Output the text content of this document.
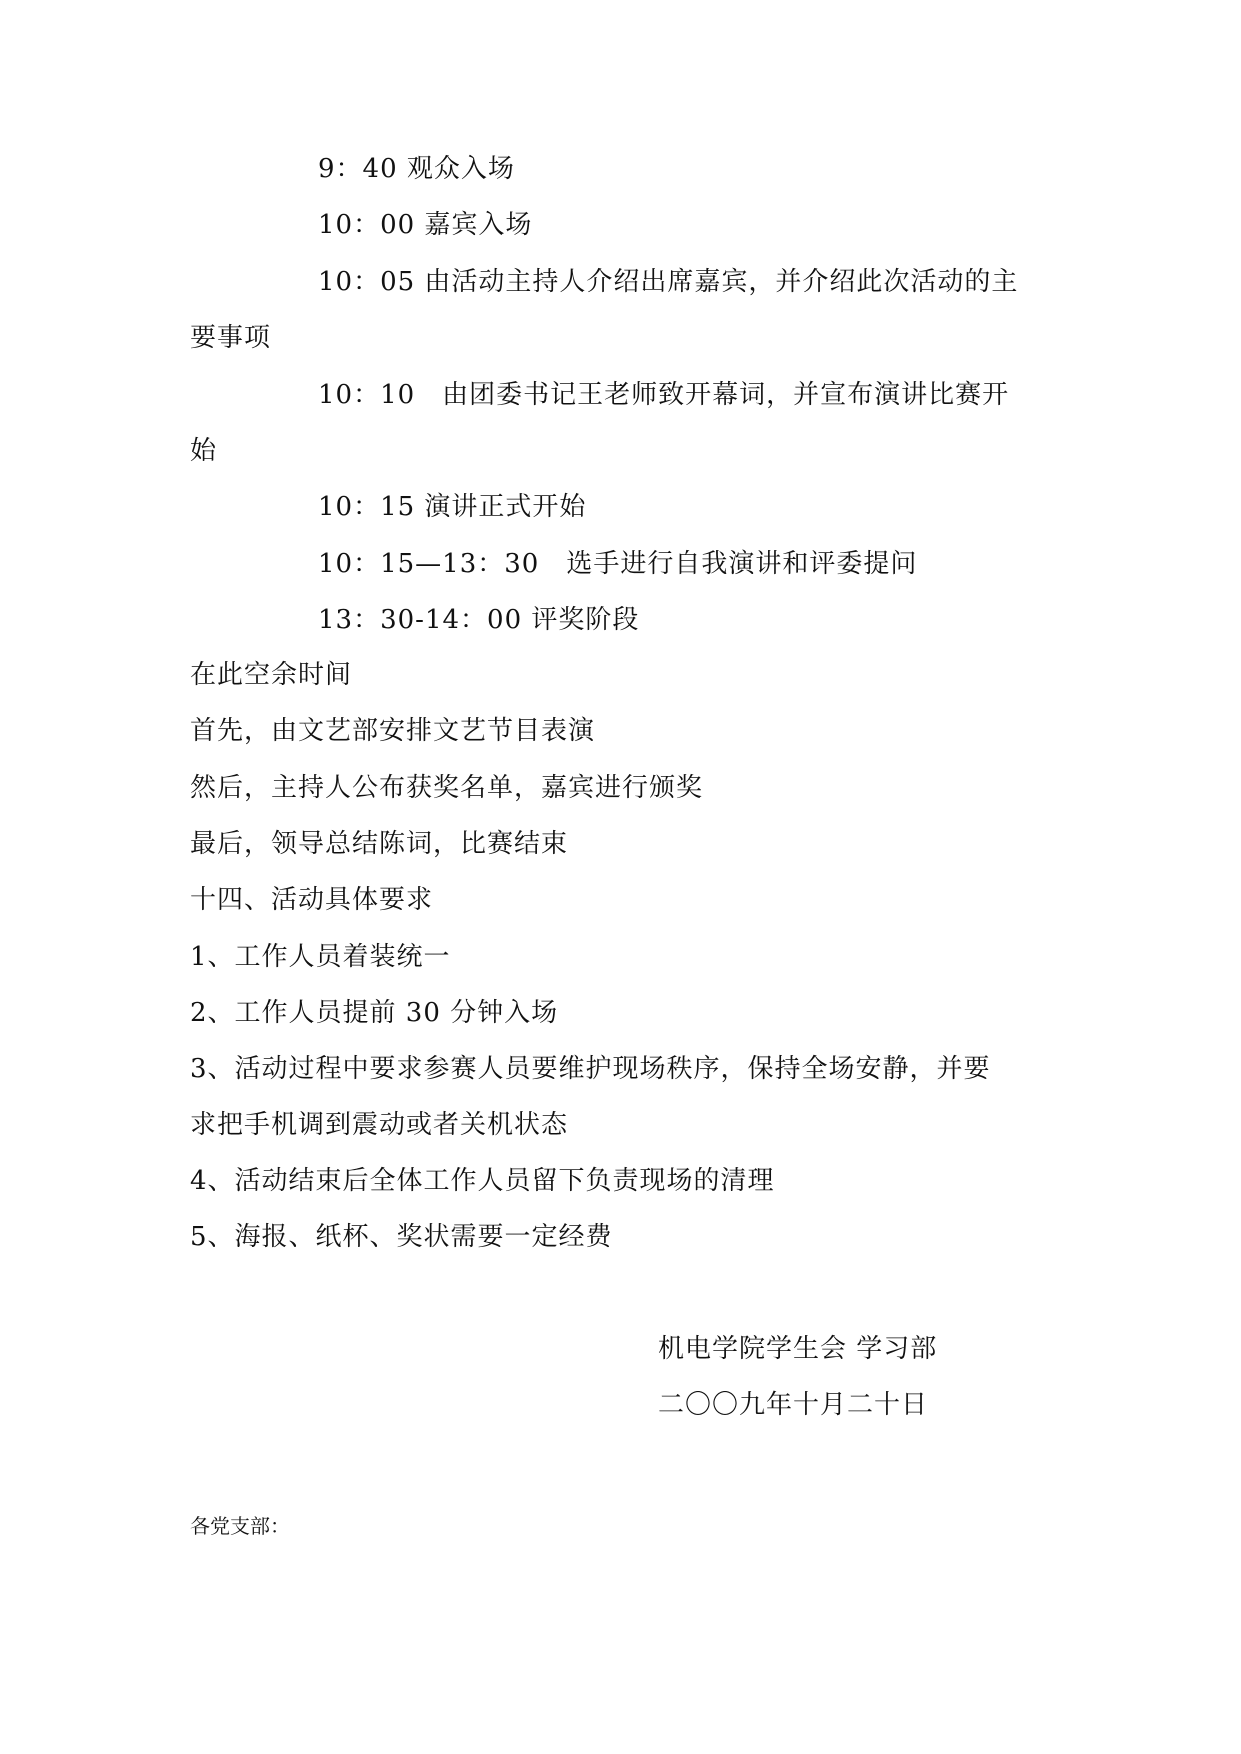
9：40 观众入场
10：00 嘉宾入场
10：05 由活动主持人介绍出席嘉宾，并介绍此次活动的主
要事项
10：10　由团委书记王老师致开幕词，并宣布演讲比赛开
始
10：15 演讲正式开始
10：15—13：30　选手进行自我演讲和评委提问
13：30-14：00 评奖阶段
在此空余时间
首先，由文艺部安排文艺节目表演
然后，主持人公布获奖名单，嘉宾进行颁奖
最后，领导总结陈词，比赛结束
十四、活动具体要求
1、工作人员着装统一
2、工作人员提前 30 分钟入场
3、活动过程中要求参赛人员要维护现场秩序，保持全场安静，并要
求把手机调到震动或者关机状态
4、活动结束后全体工作人员留下负责现场的清理
5、海报、纸杯、奖状需要一定经费
机电学院学生会 学习部
二〇〇九年十月二十日
各党支部：
